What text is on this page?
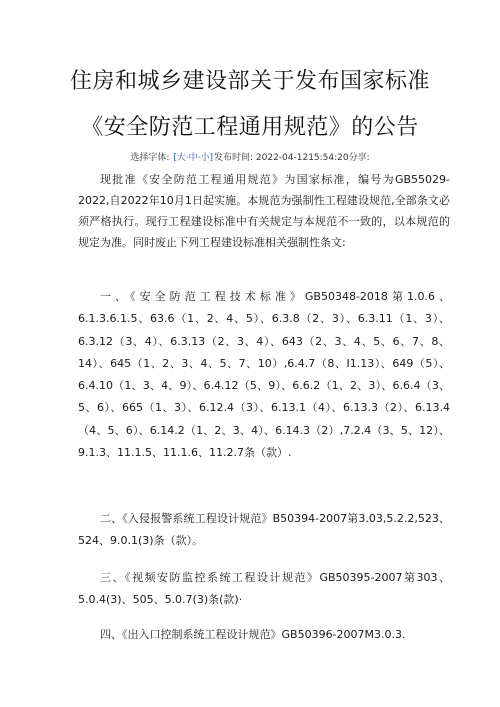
住房和城乡建设部关于发布国家标准
《安全防范工程通用规范》的公告
选择字体: [大·中·小]发布时间: 2022-04-1215:54:20分享:

现批准《安全防范工程通用规范》为国家标准，编号为GB55029-2022,自2022年10月1日起实施。本规范为强制性工程建设规范,全部条文必须严格执行。现行工程建设标准中有关规定与本规范不一致的，以本规范的规定为准。同时废止下列工程建设标准相关强制性条文:

一、《安全防范工程技术标准》GB50348-2018第1.0.6、6.1.3.6.1.5、63.6（1、2、4、5）、6.3.8（2、3）、6.3.11（1、3）、6.3.12（3、4）、6.3.13（2、3、4）、643（2、3、4、5、6、7、8、14）、645（1、2、3、4、5、7、10）,6.4.7（8、I1.13）、649（5）、6.4.10（1、3、4、9）、6.4.12（5、9）、6.6.2（1、2、3）、6.6.4（3、5、6）、665（1、3）、6.12.4（3）、6.13.1（4）、6.13.3（2）、6.13.4（4、5、6）、6.14.2（1、2、3、4）、6.14.3（2）,7.2.4（3、5、12）、9.1.3、11.1.5、11.1.6、11.2.7条（款）.

二、《入侵报警系统工程设计规范》B50394-2007第3.03,5.2.2,523、524、9.0.1(3)条（款）。

三、《视频安防监控系统工程设计规范》GB50395-2007第303、5.0.4(3)、505、5.0.7(3)条(款)·

四、《出入口控制系统工程设计规范》GB50396-2007M3.0.3.
